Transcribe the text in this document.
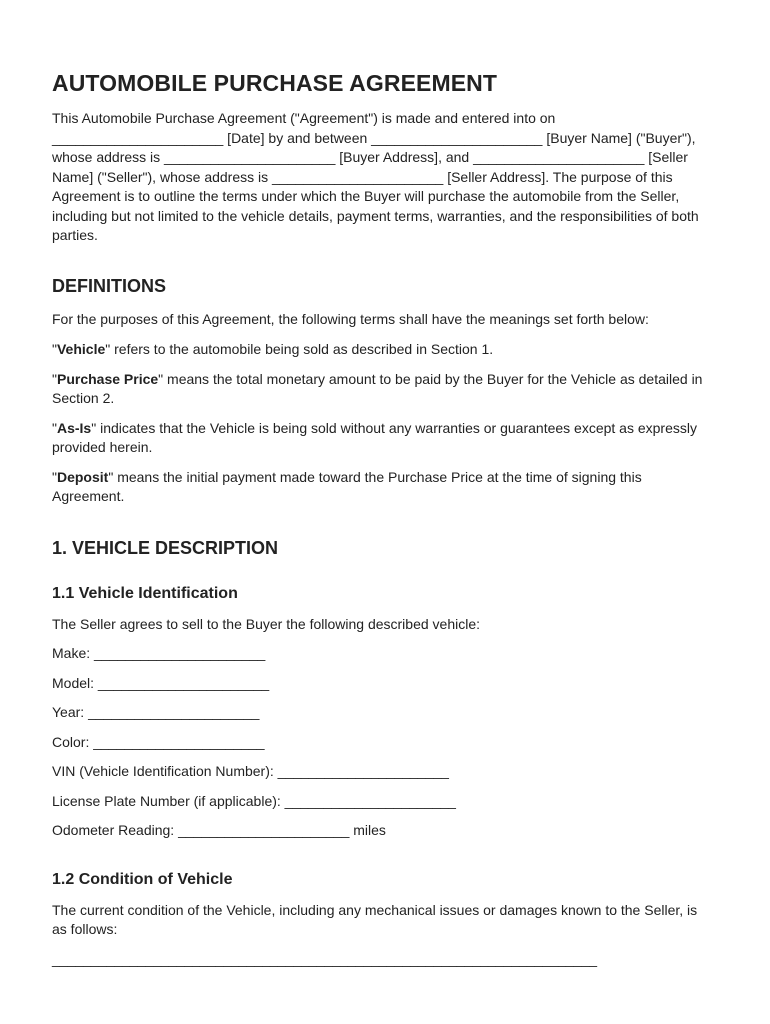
AUTOMOBILE PURCHASE AGREEMENT

This Automobile Purchase Agreement ("Agreement") is made and entered into on ______________________ [Date] by and between ______________________ [Buyer Name] ("Buyer"), whose address is ______________________ [Buyer Address], and ______________________ [Seller Name] ("Seller"), whose address is ______________________ [Seller Address]. The purpose of this Agreement is to outline the terms under which the Buyer will purchase the automobile from the Seller, including but not limited to the vehicle details, payment terms, warranties, and the responsibilities of both parties.

DEFINITIONS

For the purposes of this Agreement, the following terms shall have the meanings set forth below:

"Vehicle" refers to the automobile being sold as described in Section 1.

"Purchase Price" means the total monetary amount to be paid by the Buyer for the Vehicle as detailed in Section 2.

"As-Is" indicates that the Vehicle is being sold without any warranties or guarantees except as expressly provided herein.

"Deposit" means the initial payment made toward the Purchase Price at the time of signing this Agreement.

1. VEHICLE DESCRIPTION
1.1 Vehicle Identification

The Seller agrees to sell to the Buyer the following described vehicle:

Make: ______________________

Model: ______________________

Year: ______________________

Color: ______________________

VIN (Vehicle Identification Number): ______________________

License Plate Number (if applicable): ______________________

Odometer Reading: ______________________ miles

1.2 Condition of Vehicle

The current condition of the Vehicle, including any mechanical issues or damages known to the Seller, is as follows:

______________________________________________________________________
